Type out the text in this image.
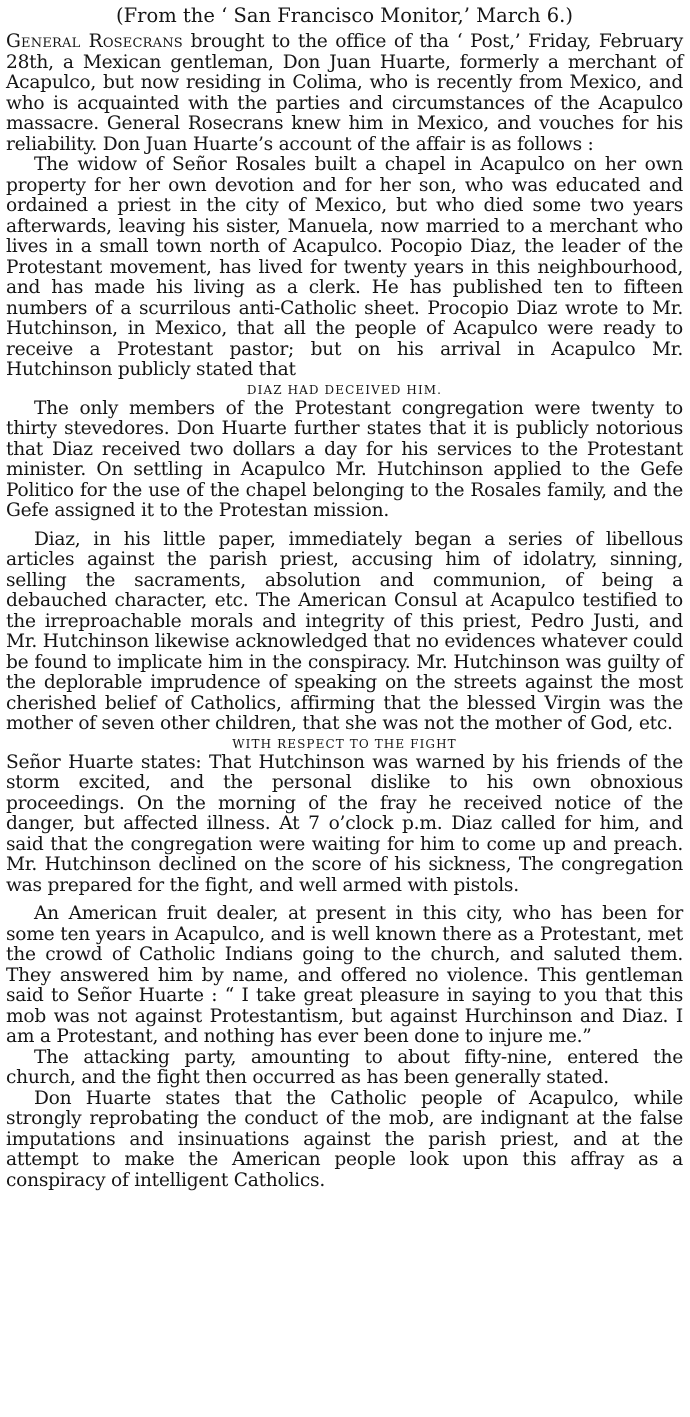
(From the ‘ San Francisco Monitor,’ March 6.)

General Rosecrans brought to the office of tha ‘ Post,’ Friday, February 28th, a Mexican gentleman, Don Juan Huarte, formerly a merchant of Acapulco, but now residing in Colima, who is recently from Mexico, and who is acquainted with the parties and circumstances of the Acapulco massacre. General Rosecrans knew him in Mexico, and vouches for his reliability. Don Juan Huarte’s account of the affair is as follows :

The widow of Señor Rosales built a chapel in Acapulco on her own property for her own devotion and for her son, who was educated and ordained a priest in the city of Mexico, but who died some two years afterwards, leaving his sister, Manuela, now married to a merchant who lives in a small town north of Acapulco. Pocopio Diaz, the leader of the Protestant movement, has lived for twenty years in this neighbourhood, and has made his living as a clerk. He has published ten to fifteen numbers of a scurrilous anti-Catholic sheet. Procopio Diaz wrote to Mr. Hutchinson, in Mexico, that all the people of Acapulco were ready to receive a Protestant pastor; but on his arrival in Acapulco Mr. Hutchinson publicly stated that

DIAZ HAD DECEIVED HIM.

The only members of the Protestant congregation were twenty to thirty stevedores. Don Huarte further states that it is publicly notorious that Diaz received two dollars a day for his services to the Protestant minister. On settling in Acapulco Mr. Hutchinson applied to the Gefe Politico for the use of the chapel belonging to the Rosales family, and the Gefe assigned it to the Protestan mission.

Diaz, in his little paper, immediately began a series of libellous articles against the parish priest, accusing him of idolatry, sinning, selling the sacraments, absolution and communion, of being a debauched character, etc. The American Consul at Acapulco testified to the irreproachable morals and integrity of this priest, Pedro Justi, and Mr. Hutchinson likewise acknowledged that no evidences whatever could be found to implicate him in the conspiracy. Mr. Hutchinson was guilty of the deplorable imprudence of speaking on the streets against the most cherished belief of Catholics, affirming that the blessed Virgin was the mother of seven other children, that she was not the mother of God, etc.

WITH RESPECT TO THE FIGHT

Señor Huarte states: That Hutchinson was warned by his friends of the storm excited, and the personal dislike to his own obnoxious proceedings. On the morning of the fray he received notice of the danger, but affected illness. At 7 o’clock p.m. Diaz called for him, and said that the congregation were waiting for him to come up and preach. Mr. Hutchinson declined on the score of his sickness, The congregation was prepared for the fight, and well armed with pistols.

An American fruit dealer, at present in this city, who has been for some ten years in Acapulco, and is well known there as a Protestant, met the crowd of Catholic Indians going to the church, and saluted them. They answered him by name, and offered no violence. This gentleman said to Señor Huarte : “ I take great pleasure in saying to you that this mob was not against Protestantism, but against Hurchinson and Diaz. I am a Protestant, and nothing has ever been done to injure me.”

The attacking party, amounting to about fifty-nine, entered the church, and the fight then occurred as has been generally stated.

Don Huarte states that the Catholic people of Acapulco, while strongly reprobating the conduct of the mob, are indignant at the false imputations and insinuations against the parish priest, and at the attempt to make the American people look upon this affray as a conspiracy of intelligent Catholics.
